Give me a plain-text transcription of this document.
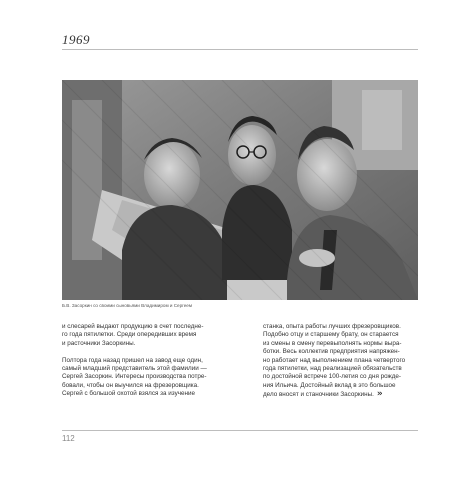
1969
Б.В. Засоркин со своими сыновьями Владимиром и Сергеем

и слесарей выдают продукцию в счет последне-
го года пятилетки. Среди опередивших время
и расточники Засоркины.

Полтора года назад пришел на завод еще один,
самый младший представитель этой фамилии —
Сергей Засоркин. Интересы производства потре-
бовали, чтобы он выучился на фрезеровщика.
Сергей с большой охотой взялся за изучение

станка, опыта работы лучших фрезеровщиков.
Подобно отцу и старшему брату, он старается
из смены в смену перевыполнять нормы выра-
ботки. Весь коллектив предприятия напряжен-
но работает над выполнением плана четвертого
года пятилетки, над реализацией обязательств
по достойной встрече 100-летия со дня рожде-
ния Ильича. Достойный вклад в это большое
дело вносят и станочники Засоркины. »

112
